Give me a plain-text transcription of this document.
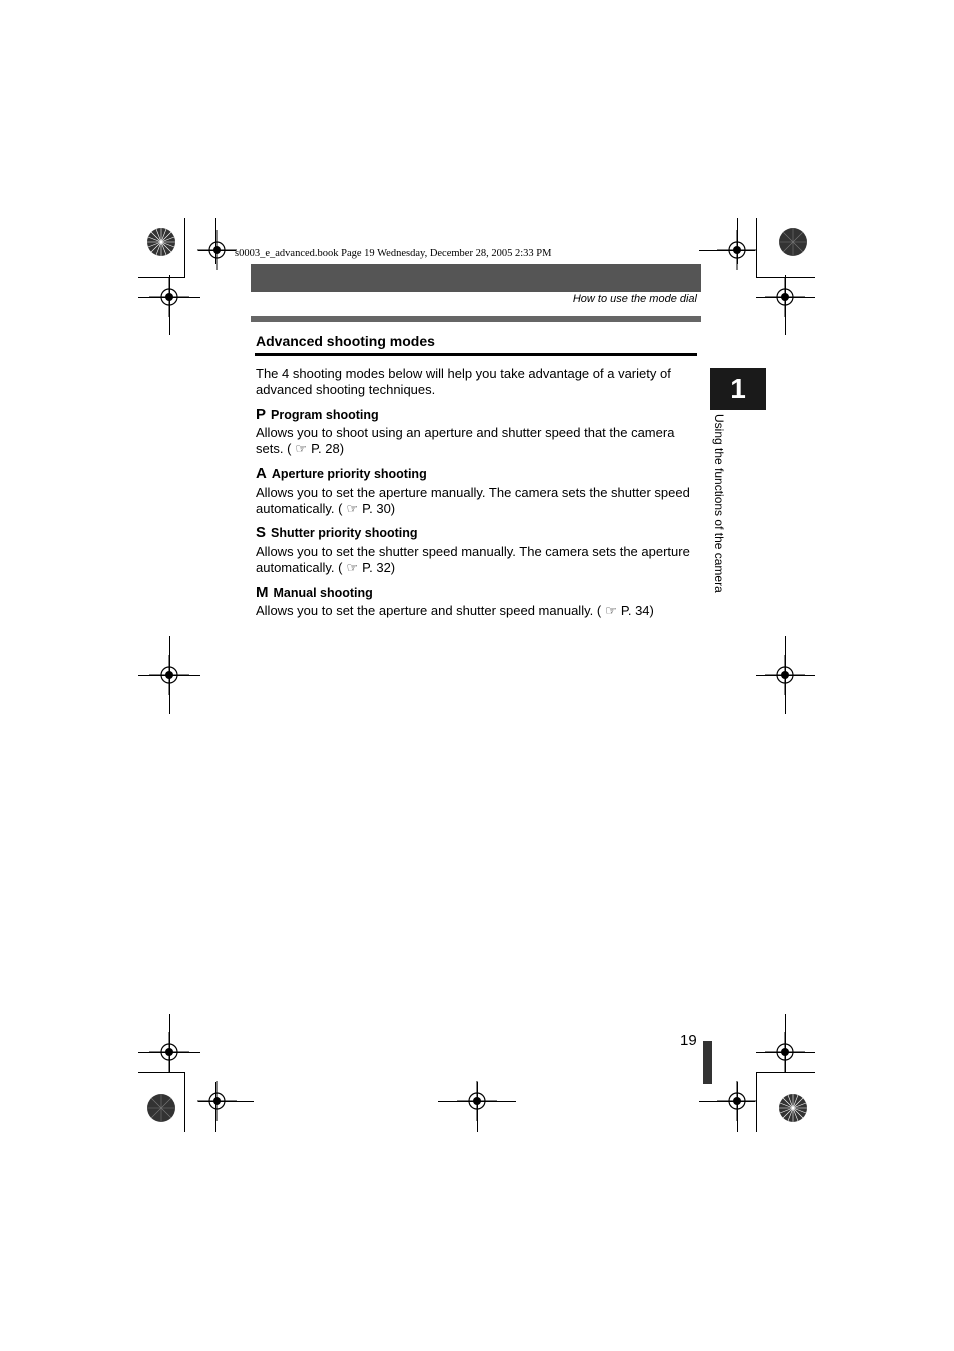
s0003_e_advanced.book Page 19 Wednesday, December 28, 2005 2:33 PM
How to use the mode dial
Advanced shooting modes
The 4 shooting modes below will help you take advantage of a variety of advanced shooting techniques.
P Program shooting
Allows you to shoot using an aperture and shutter speed that the camera sets. ( ☞ P. 28)
A Aperture priority shooting
Allows you to set the aperture manually. The camera sets the shutter speed automatically. ( ☞ P. 30)
S Shutter priority shooting
Allows you to set the shutter speed manually. The camera sets the aperture automatically. ( ☞ P. 32)
M Manual shooting
Allows you to set the aperture and shutter speed manually. ( ☞ P. 34)
1
Using the functions of the camera
19
